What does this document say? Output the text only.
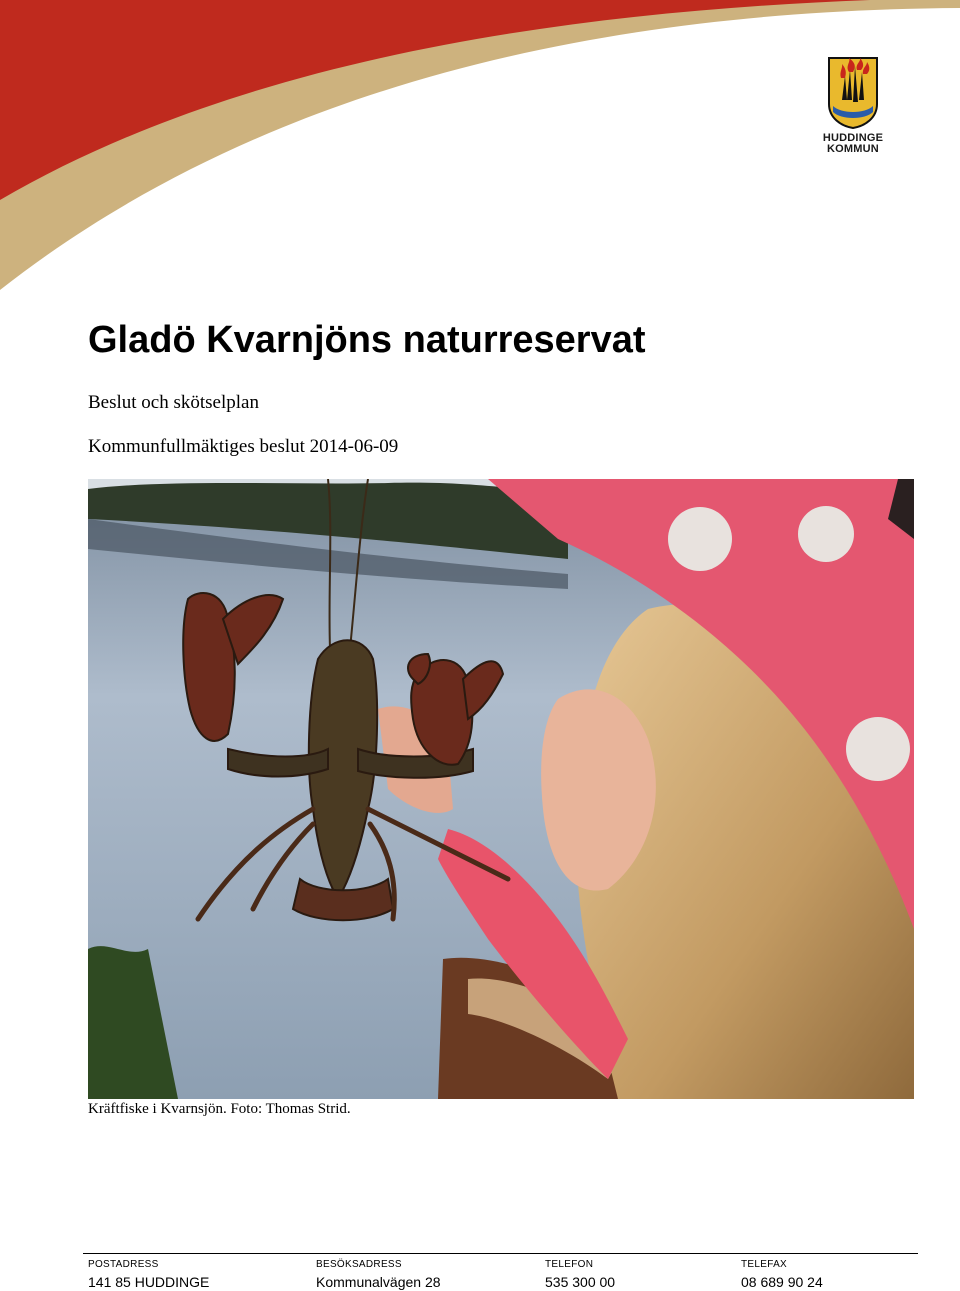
HUDDINGE
KOMMUN
Gladö Kvarnjöns naturreservat

Beslut och skötselplan

Kommunfullmäktiges beslut 2014-06-09

Kräftfiske i Kvarnsjön. Foto: Thomas Strid.

POSTADRESS
141 85 HUDDINGE
BESÖKSADRESS
Kommunalvägen 28
TELEFON
535 300 00
TELEFAX
08 689 90 24
